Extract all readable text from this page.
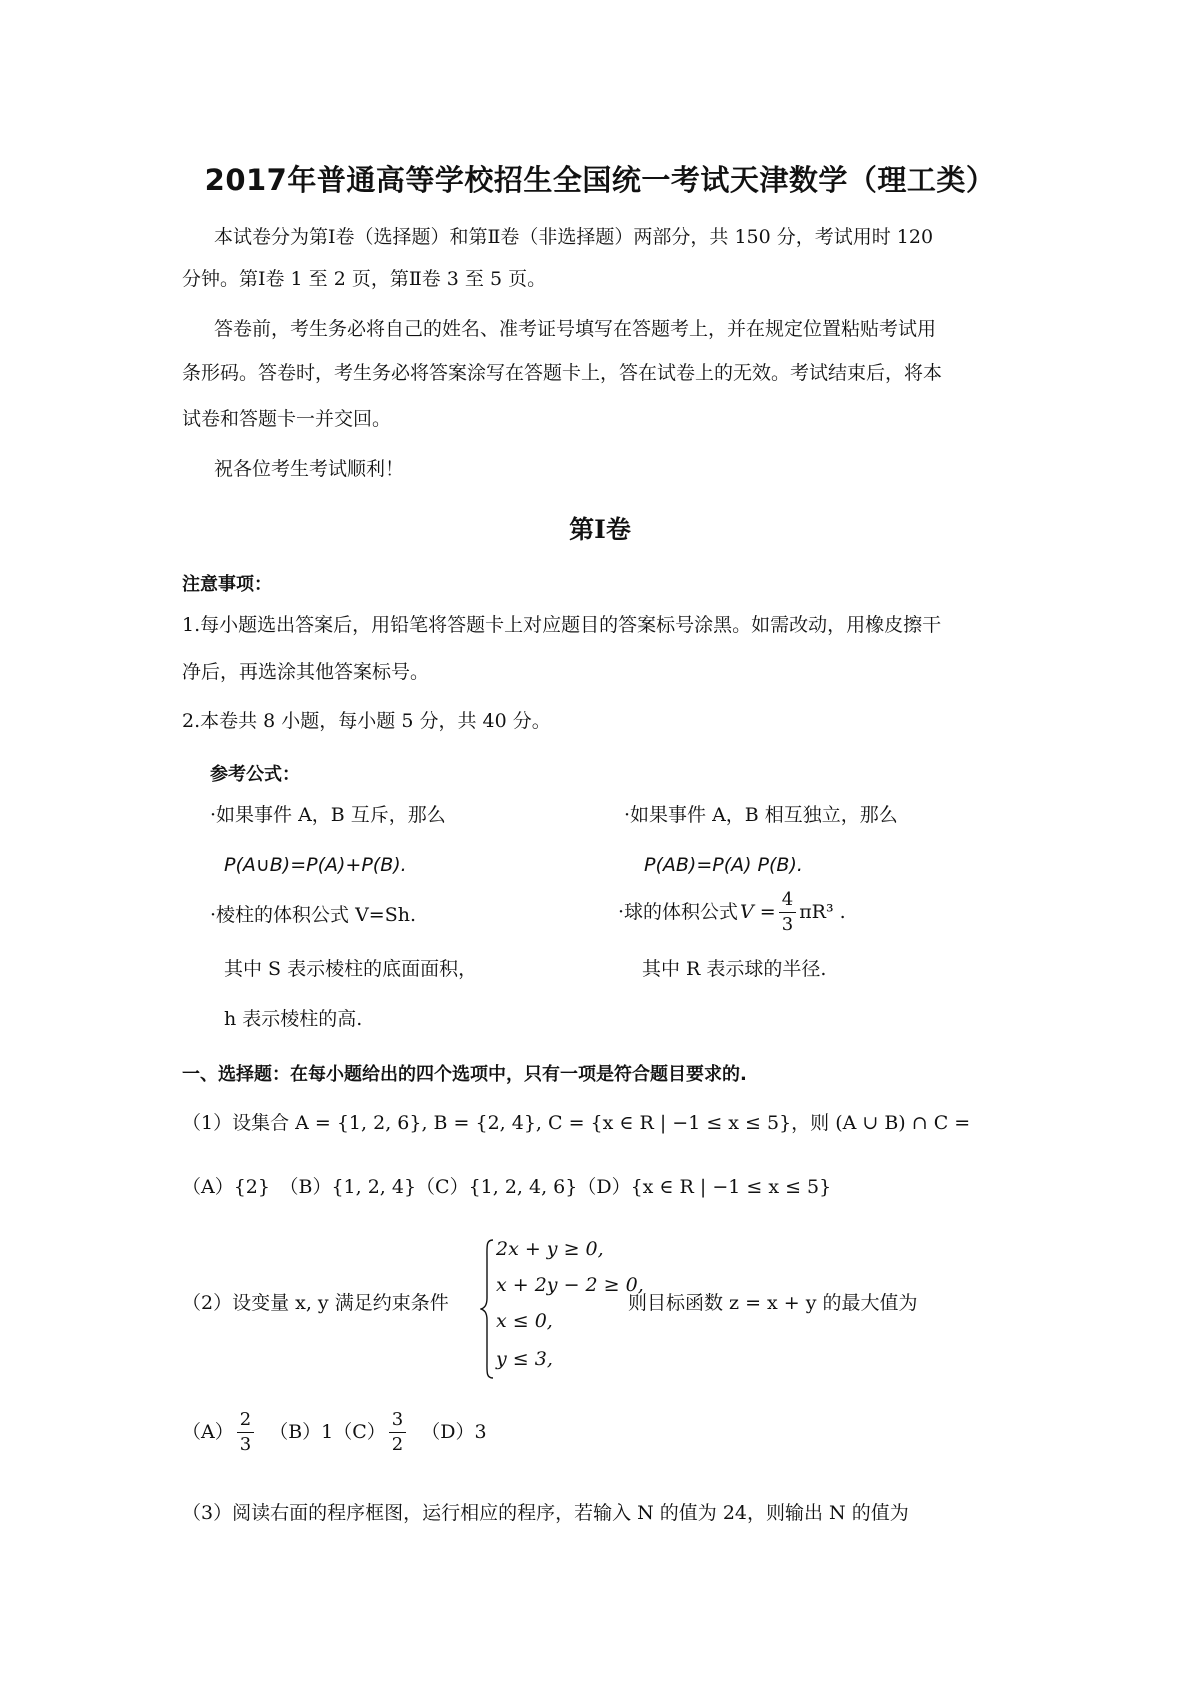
2017年普通高等学校招生全国统一考试天津数学（理工类）
本试卷分为第Ⅰ卷（选择题）和第Ⅱ卷（非选择题）两部分，共 150 分，考试用时 120
分钟。第Ⅰ卷 1 至 2 页，第Ⅱ卷 3 至 5 页。
答卷前，考生务必将自己的姓名、准考证号填写在答题考上，并在规定位置粘贴考试用
条形码。答卷时，考生务必将答案涂写在答题卡上，答在试卷上的无效。考试结束后，将本
试卷和答题卡一并交回。
祝各位考生考试顺利！
第Ⅰ卷
注意事项：
1.每小题选出答案后，用铅笔将答题卡上对应题目的答案标号涂黑。如需改动，用橡皮擦干
净后，再选涂其他答案标号。
2.本卷共 8 小题，每小题 5 分，共 40 分。
参考公式：
·如果事件 A，B 互斥，那么
P(A∪B)=P(A)+P(B).
·棱柱的体积公式 V=Sh.
其中 S 表示棱柱的底面面积，
h 表示棱柱的高.
·如果事件 A，B 相互独立，那么
P(AB)=P(A) P(B).
·球的体积公式 $V = \frac{4}{3} \pi R^3$ .
其中 R 表示球的半径.
一、选择题：在每小题给出的四个选项中，只有一项是符合题目要求的.
（1）设集合 A = {1, 2, 6}, B = {2, 4}, C = {x ∈ R | −1 ≤ x ≤ 5}，则 (A ∪ B) ∩ C =
（A）{2}　（B）{1, 2, 4}（C）{1, 2, 4, 6}（D）{x ∈ R | −1 ≤ x ≤ 5}
（2）设变量 x, y 满足约束条件
2x + y ≥ 0,
x + 2y − 2 ≥ 0,
x ≤ 0,
y ≤ 3,
则目标函数 z = x + y 的最大值为
$(A) \frac{2}{3} (B)1(C) \frac{3}{2} (D)3$
（3）阅读右面的程序框图，运行相应的程序，若输入 N 的值为 24，则输出 N 的值为
